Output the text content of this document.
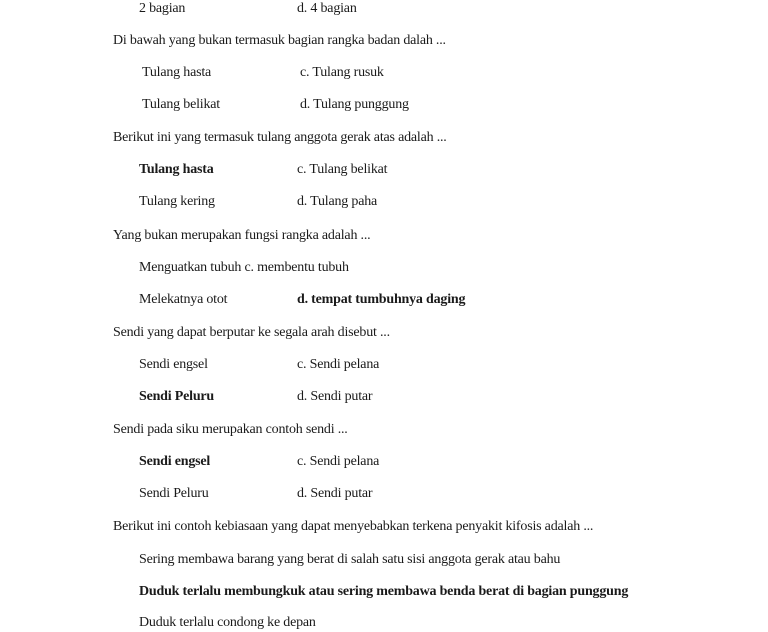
2 bagian	d. 4 bagian
Di bawah yang bukan termasuk bagian rangka badan dalah ...
Tulang hasta	c. Tulang rusuk
Tulang belikat	d. Tulang punggung
Berikut ini yang termasuk tulang anggota gerak atas adalah ...
Tulang hasta	c. Tulang belikat
Tulang kering	d. Tulang paha
Yang bukan merupakan fungsi rangka adalah ...
Menguatkan tubuh c. membentu tubuh
Melekatnya otot	d. tempat tumbuhnya daging
Sendi yang dapat berputar ke segala arah disebut ...
Sendi engsel	c. Sendi pelana
Sendi Peluru	d. Sendi putar
Sendi pada siku merupakan contoh sendi ...
Sendi engsel	c. Sendi pelana
Sendi Peluru	d. Sendi putar
Berikut ini contoh kebiasaan yang dapat menyebabkan terkena penyakit kifosis adalah ...
Sering membawa barang yang berat di salah satu sisi anggota gerak atau bahu
Duduk terlalu membungkuk atau sering membawa benda berat di bagian punggung
Duduk terlalu condong ke depan
